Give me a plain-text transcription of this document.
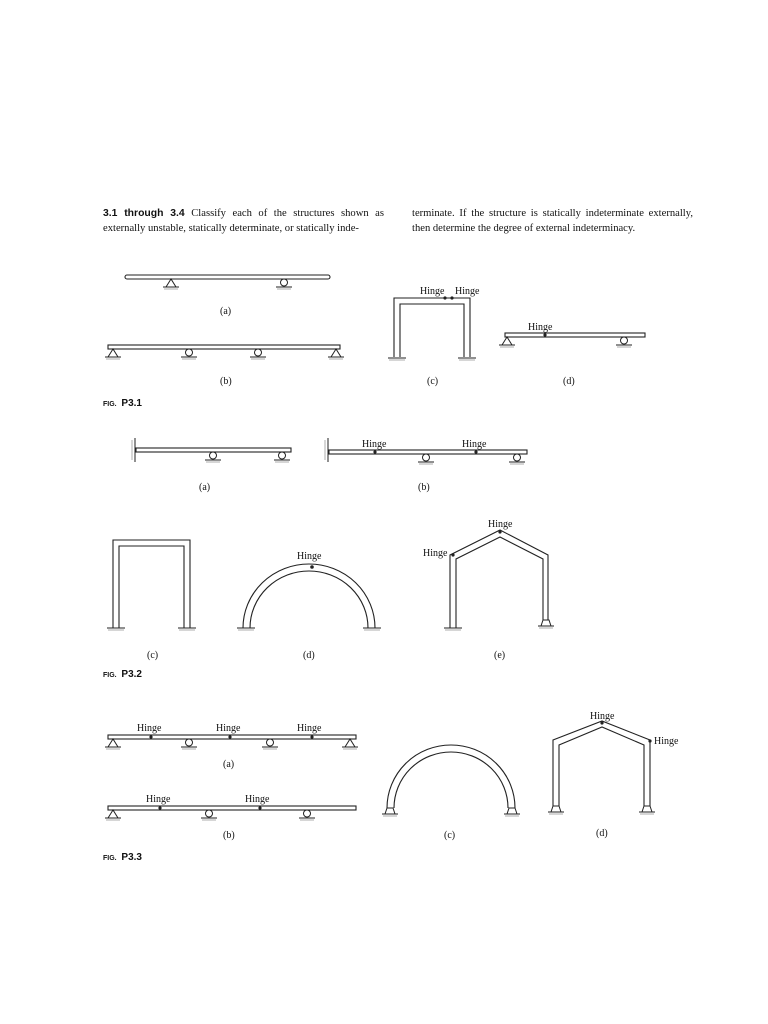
3.1 through 3.4 Classify each of the structures shown as externally unstable, statically determinate, or statically inde-
terminate. If the structure is statically indeterminate externally, then determine the degree of external indeterminacy.
(a)
(b)
Hinge Hinge
(c)
Hinge
(d)
FIG. P3.1
(a)
Hinge	Hinge
(b)
(c)
Hinge
(d)
Hinge
Hinge
(e)
FIG. P3.2
Hinge	Hinge	Hinge
(a)
Hinge	Hinge
(b)	(c)
Hinge
Hinge
(d)
FIG. P3.3
